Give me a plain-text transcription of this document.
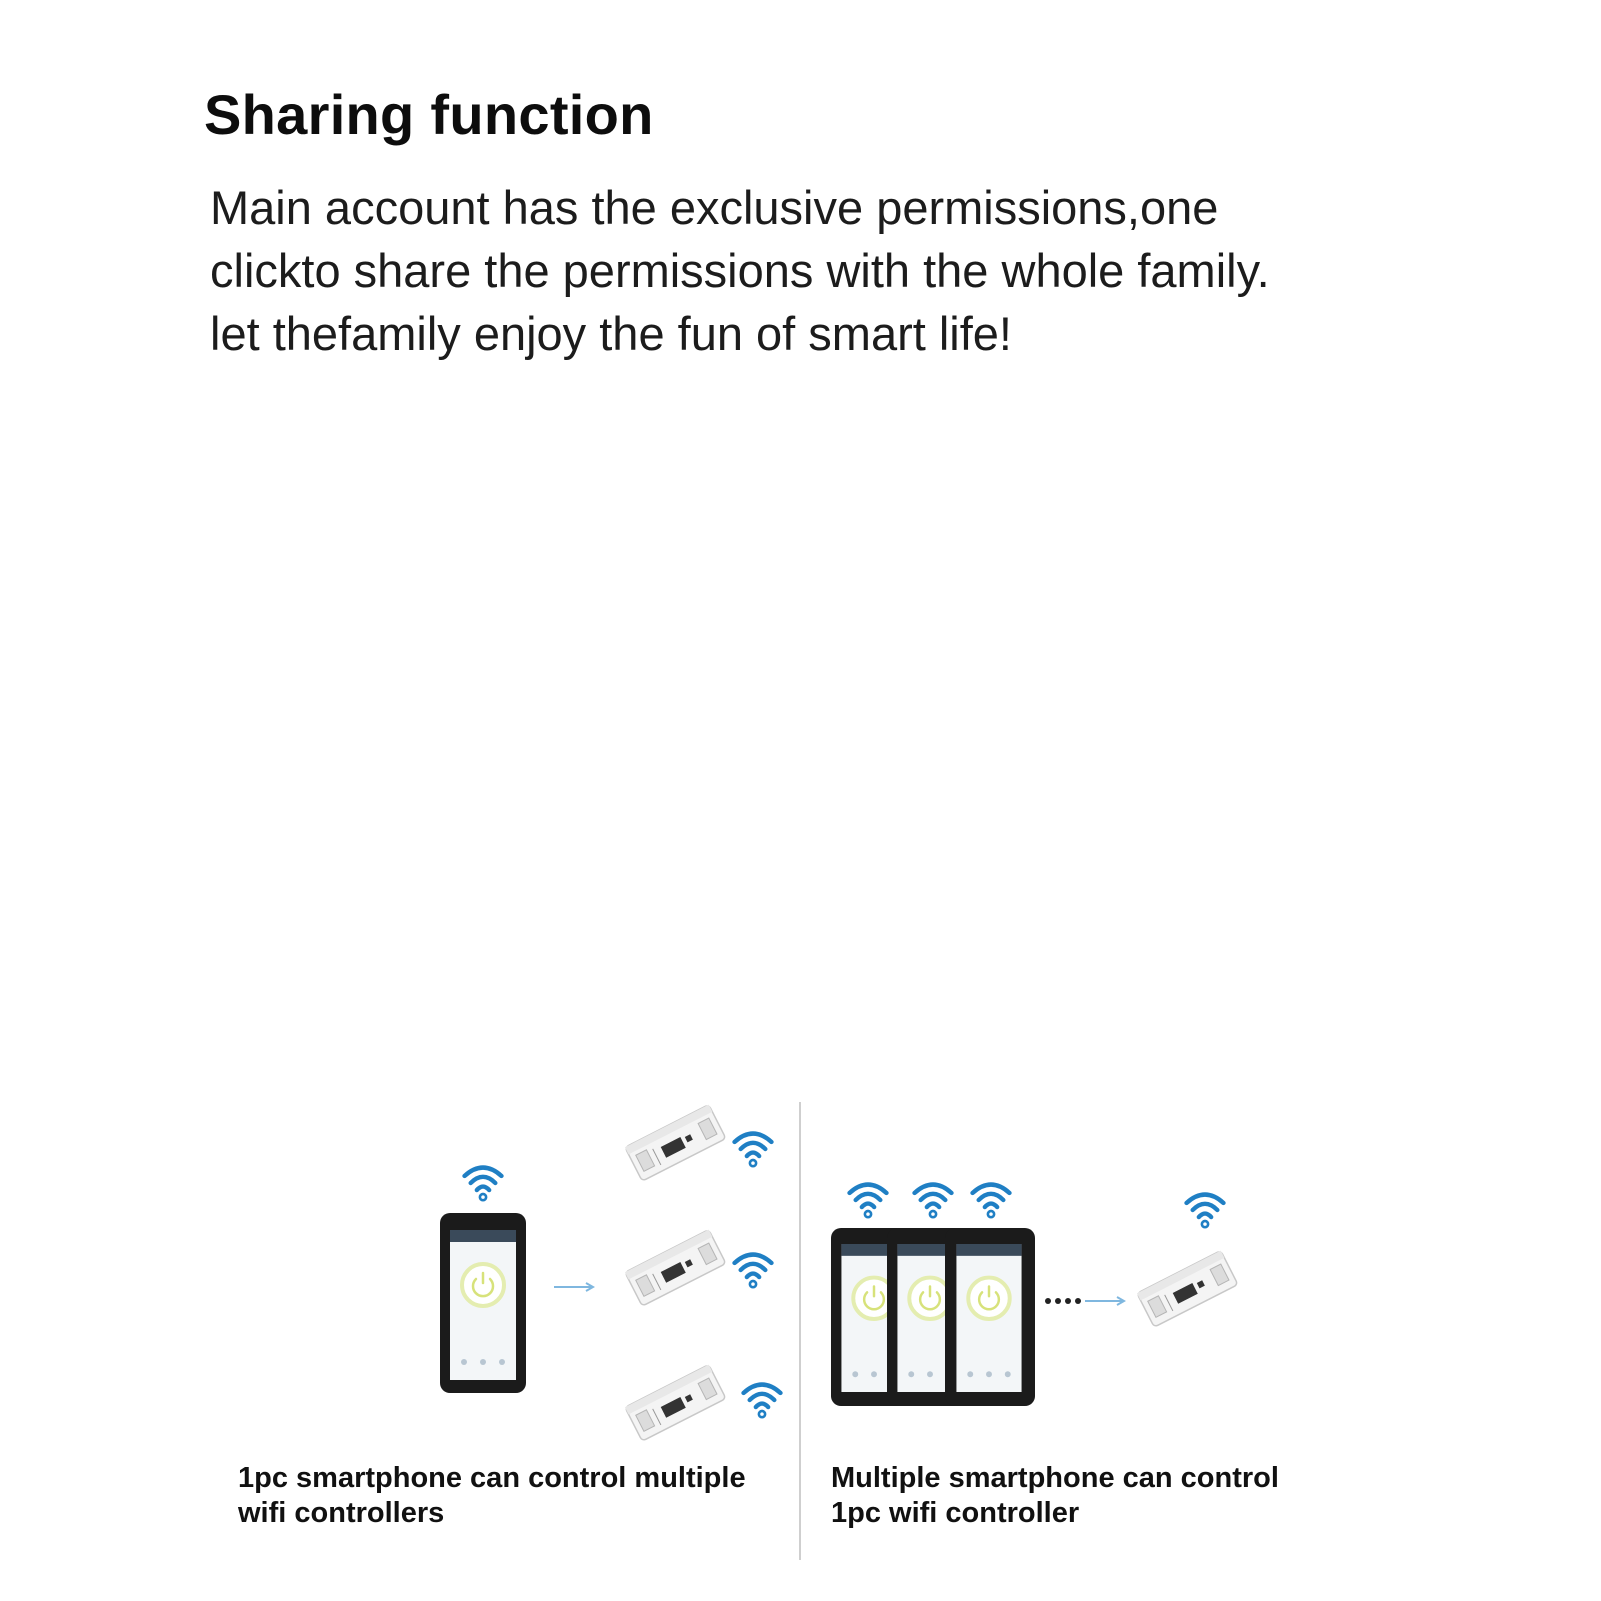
Sharing function

Main account has the exclusive permissions,one
clickto share the permissions with the whole family.
let thefamily enjoy the fun of smart life!

1pc smartphone can control multiple
wifi controllers
Multiple smartphone can control
1pc wifi controller
